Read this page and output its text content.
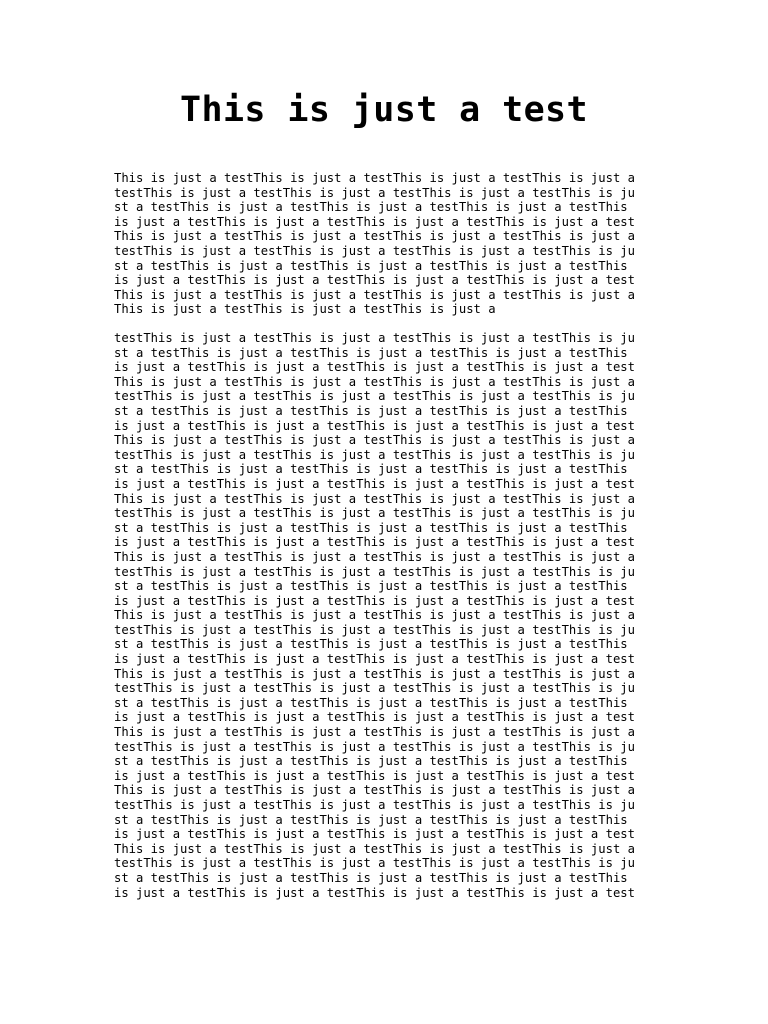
This is just a test

This is just a testThis is just a testThis is just a testThis is just a
testThis is just a testThis is just a testThis is just a testThis is ju
st a testThis is just a testThis is just a testThis is just a testThis
is just a testThis is just a testThis is just a testThis is just a test
This is just a testThis is just a testThis is just a testThis is just a
testThis is just a testThis is just a testThis is just a testThis is ju
st a testThis is just a testThis is just a testThis is just a testThis
is just a testThis is just a testThis is just a testThis is just a test
This is just a testThis is just a testThis is just a testThis is just a
This is just a testThis is just a testThis is just a

testThis is just a testThis is just a testThis is just a testThis is ju
st a testThis is just a testThis is just a testThis is just a testThis
is just a testThis is just a testThis is just a testThis is just a test
This is just a testThis is just a testThis is just a testThis is just a
testThis is just a testThis is just a testThis is just a testThis is ju
st a testThis is just a testThis is just a testThis is just a testThis
is just a testThis is just a testThis is just a testThis is just a test
This is just a testThis is just a testThis is just a testThis is just a
testThis is just a testThis is just a testThis is just a testThis is ju
st a testThis is just a testThis is just a testThis is just a testThis
is just a testThis is just a testThis is just a testThis is just a test
This is just a testThis is just a testThis is just a testThis is just a
testThis is just a testThis is just a testThis is just a testThis is ju
st a testThis is just a testThis is just a testThis is just a testThis
is just a testThis is just a testThis is just a testThis is just a test
This is just a testThis is just a testThis is just a testThis is just a
testThis is just a testThis is just a testThis is just a testThis is ju
st a testThis is just a testThis is just a testThis is just a testThis
is just a testThis is just a testThis is just a testThis is just a test
This is just a testThis is just a testThis is just a testThis is just a
testThis is just a testThis is just a testThis is just a testThis is ju
st a testThis is just a testThis is just a testThis is just a testThis
is just a testThis is just a testThis is just a testThis is just a test
This is just a testThis is just a testThis is just a testThis is just a
testThis is just a testThis is just a testThis is just a testThis is ju
st a testThis is just a testThis is just a testThis is just a testThis
is just a testThis is just a testThis is just a testThis is just a test
This is just a testThis is just a testThis is just a testThis is just a
testThis is just a testThis is just a testThis is just a testThis is ju
st a testThis is just a testThis is just a testThis is just a testThis
is just a testThis is just a testThis is just a testThis is just a test
This is just a testThis is just a testThis is just a testThis is just a
testThis is just a testThis is just a testThis is just a testThis is ju
st a testThis is just a testThis is just a testThis is just a testThis
is just a testThis is just a testThis is just a testThis is just a test
This is just a testThis is just a testThis is just a testThis is just a
testThis is just a testThis is just a testThis is just a testThis is ju
st a testThis is just a testThis is just a testThis is just a testThis
is just a testThis is just a testThis is just a testThis is just a test
